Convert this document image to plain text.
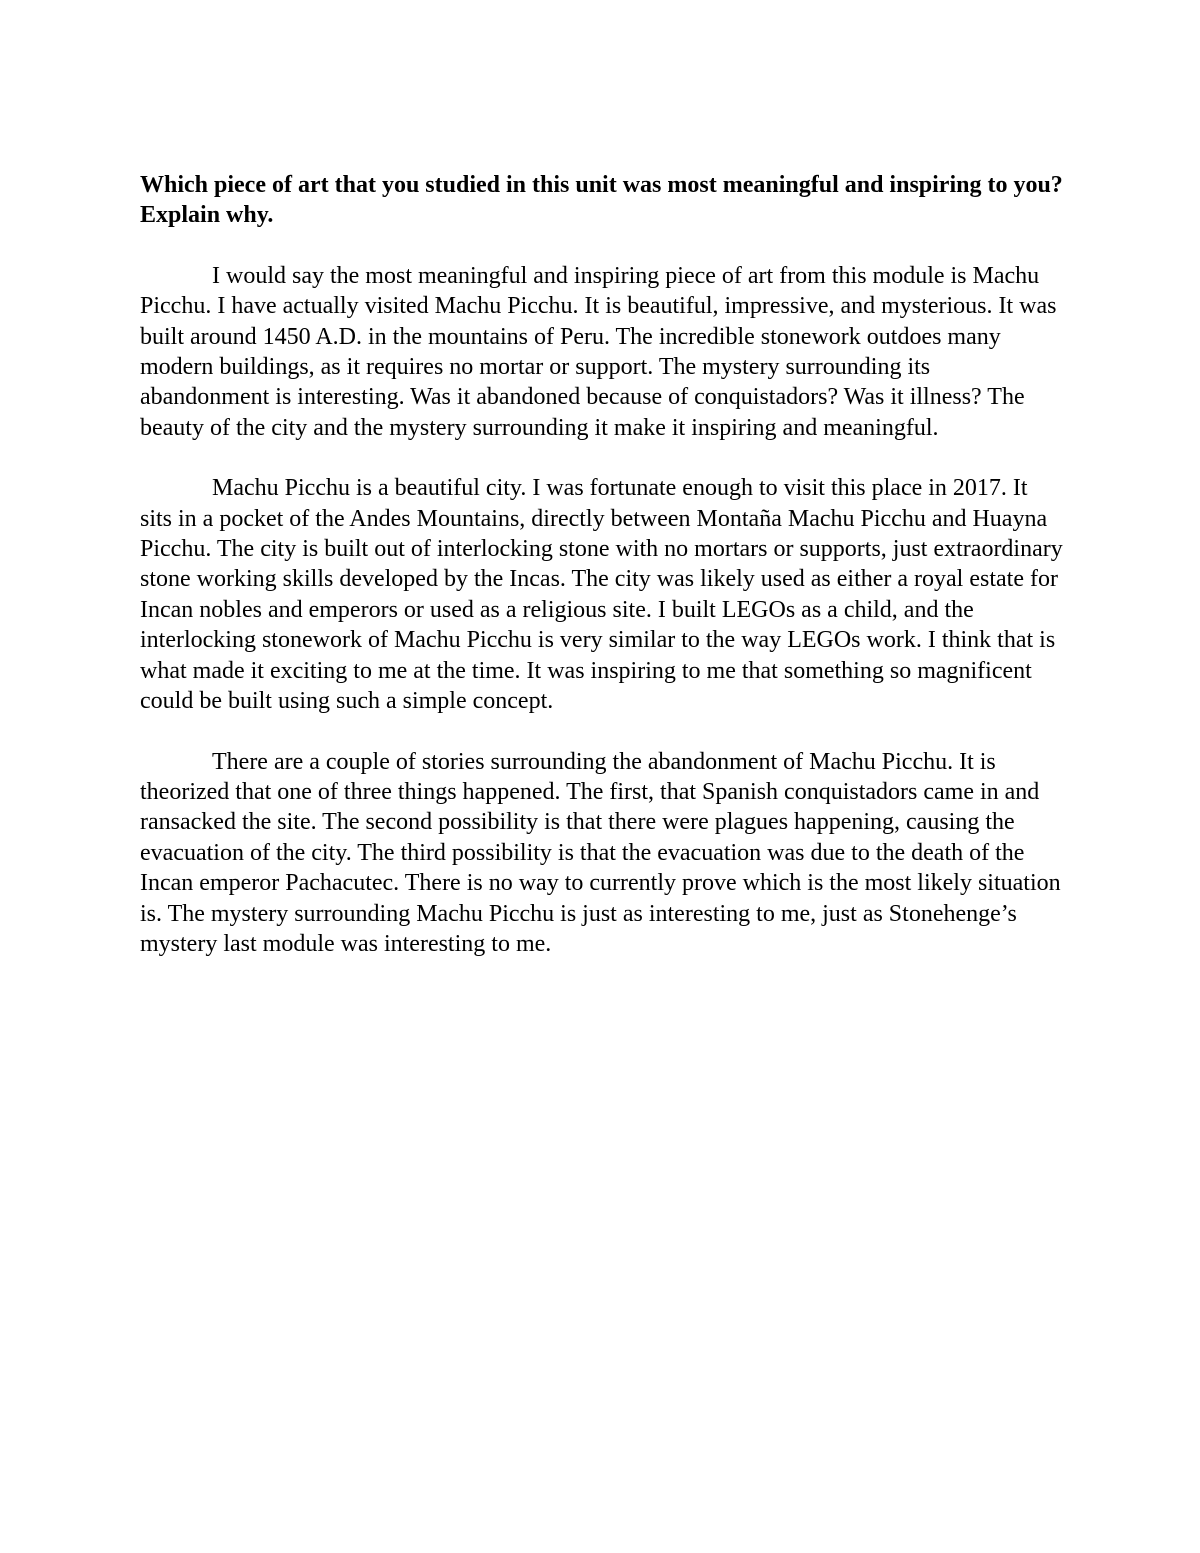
Which piece of art that you studied in this unit was most meaningful and inspiring to you? Explain why.

I would say the most meaningful and inspiring piece of art from this module is Machu Picchu. I have actually visited Machu Picchu. It is beautiful, impressive, and mysterious. It was built around 1450 A.D. in the mountains of Peru. The incredible stonework outdoes many modern buildings, as it requires no mortar or support. The mystery surrounding its abandonment is interesting. Was it abandoned because of conquistadors? Was it illness? The beauty of the city and the mystery surrounding it make it inspiring and meaningful.

Machu Picchu is a beautiful city. I was fortunate enough to visit this place in 2017. It sits in a pocket of the Andes Mountains, directly between Montaña Machu Picchu and Huayna Picchu. The city is built out of interlocking stone with no mortars or supports, just extraordinary stone working skills developed by the Incas. The city was likely used as either a royal estate for Incan nobles and emperors or used as a religious site. I built LEGOs as a child, and the interlocking stonework of Machu Picchu is very similar to the way LEGOs work. I think that is what made it exciting to me at the time. It was inspiring to me that something so magnificent could be built using such a simple concept.

There are a couple of stories surrounding the abandonment of Machu Picchu. It is theorized that one of three things happened. The first, that Spanish conquistadors came in and ransacked the site. The second possibility is that there were plagues happening, causing the evacuation of the city. The third possibility is that the evacuation was due to the death of the Incan emperor Pachacutec. There is no way to currently prove which is the most likely situation is. The mystery surrounding Machu Picchu is just as interesting to me, just as Stonehenge’s mystery last module was interesting to me.
